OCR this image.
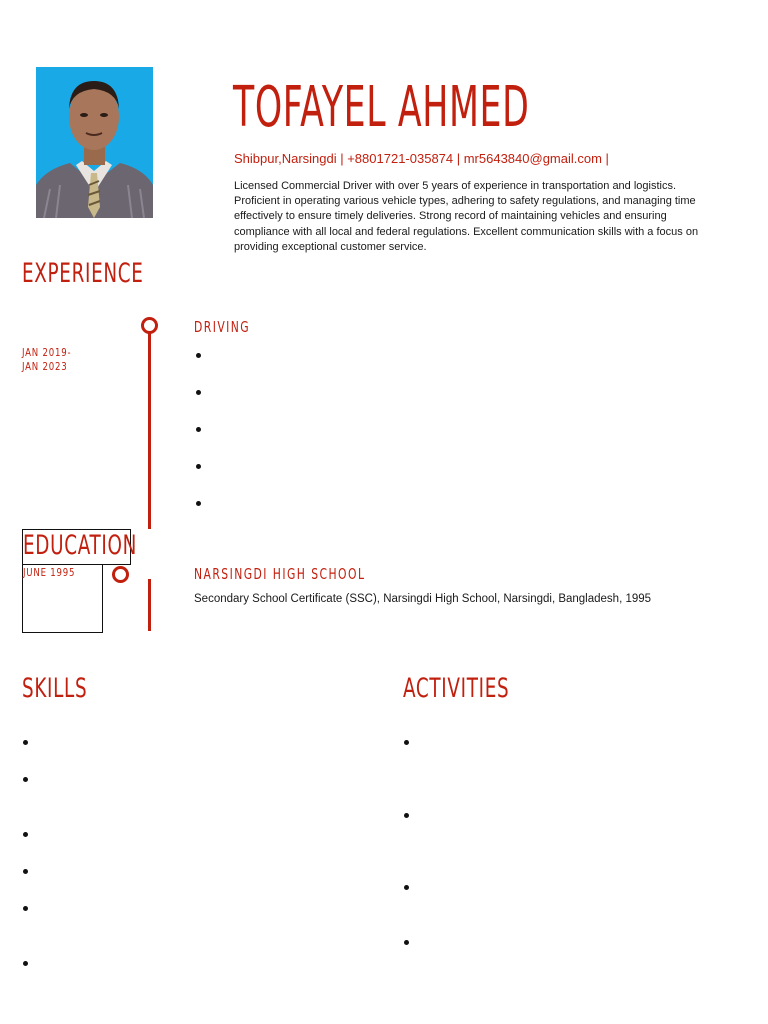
TOFAYEL AHMED
Shibpur,Narsingdi | +8801721-035874 | mr5643840@gmail.com |
Licensed Commercial Driver with over 5 years of experience in transportation and logistics. Proficient in operating various vehicle types, adhering to safety regulations, and managing time effectively to ensure timely deliveries. Strong record of maintaining vehicles and ensuring compliance with all local and federal regulations. Excellent communication skills with a focus on providing exceptional customer service.
EXPERIENCE
JAN 2019-
JAN 2023
DRIVING
EDUCATION
JUNE 1995	NARSINGDI HIGH SCHOOL
Secondary School Certificate (SSC), Narsingdi High School, Narsingdi, Bangladesh, 1995
SKILLS	ACTIVITIES
